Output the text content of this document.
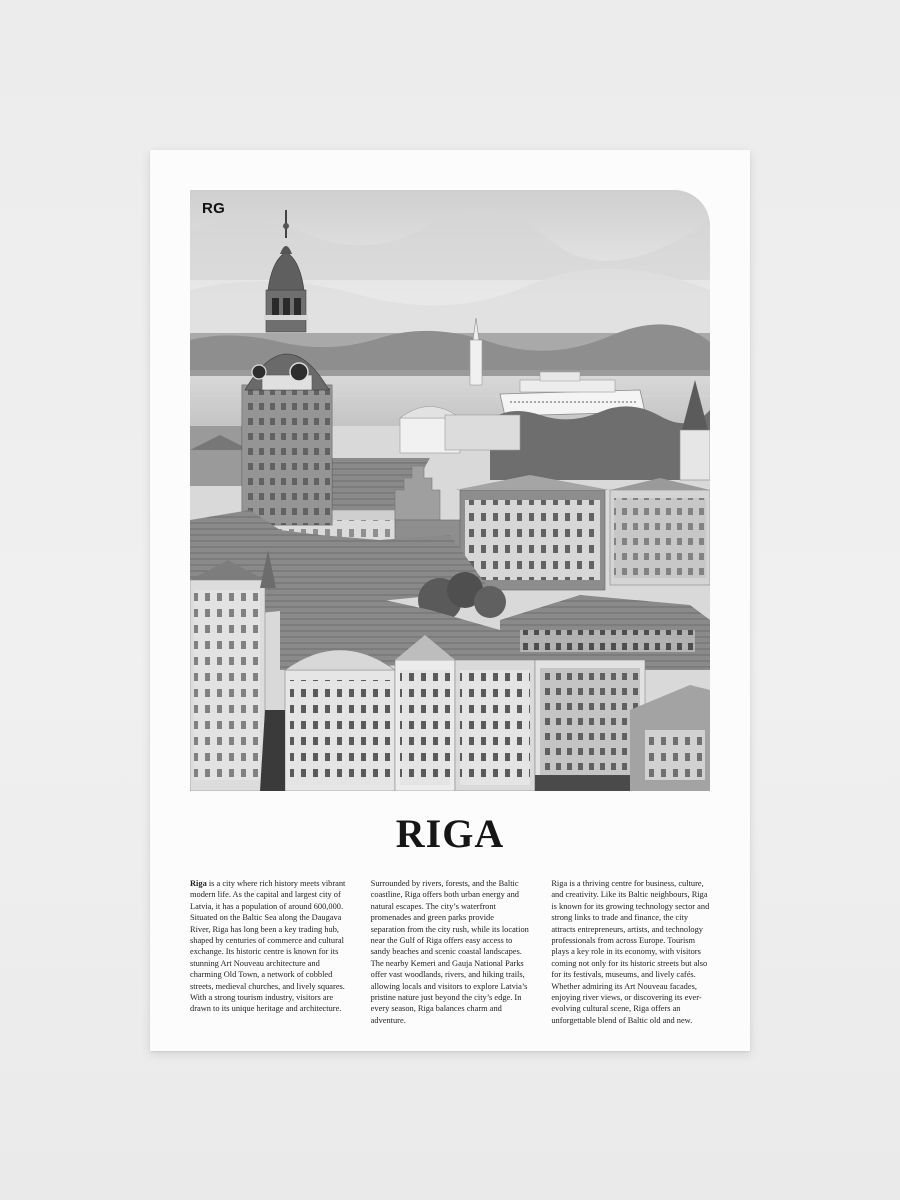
RG
RIGA
Riga is a city where rich history meets vibrant modern life. As the capital and largest city of Latvia, it has a population of around 600,000. Situated on the Baltic Sea along the Daugava River, Riga has long been a key trading hub, shaped by centuries of commerce and cultural exchange. Its historic centre is known for its stunning Art Nouveau architecture and charming Old Town, a network of cobbled streets, medieval churches, and lively squares. With a strong tourism industry, visitors are drawn to its unique heritage and architecture.
Surrounded by rivers, forests, and the Baltic coastline, Riga offers both urban energy and natural escapes. The city’s waterfront promenades and green parks provide separation from the city rush, while its location near the Gulf of Riga offers easy access to sandy beaches and scenic coastal landscapes. The nearby Kemeri and Gauja National Parks offer vast woodlands, rivers, and hiking trails, allowing locals and visitors to explore Latvia’s pristine nature just beyond the city’s edge. In every season, Riga balances charm and adventure.
Riga is a thriving centre for business, culture, and creativity. Like its Baltic neighbours, Riga is known for its growing technology sector and strong links to trade and finance, the city attracts entrepreneurs, artists, and technology professionals from across Europe. Tourism plays a key role in its economy, with visitors coming not only for its historic streets but also for its festivals, museums, and lively cafés. Whether admiring its Art Nouveau facades, enjoying river views, or discovering its ever-evolving cultural scene, Riga offers an unforgettable blend of Baltic old and new.
